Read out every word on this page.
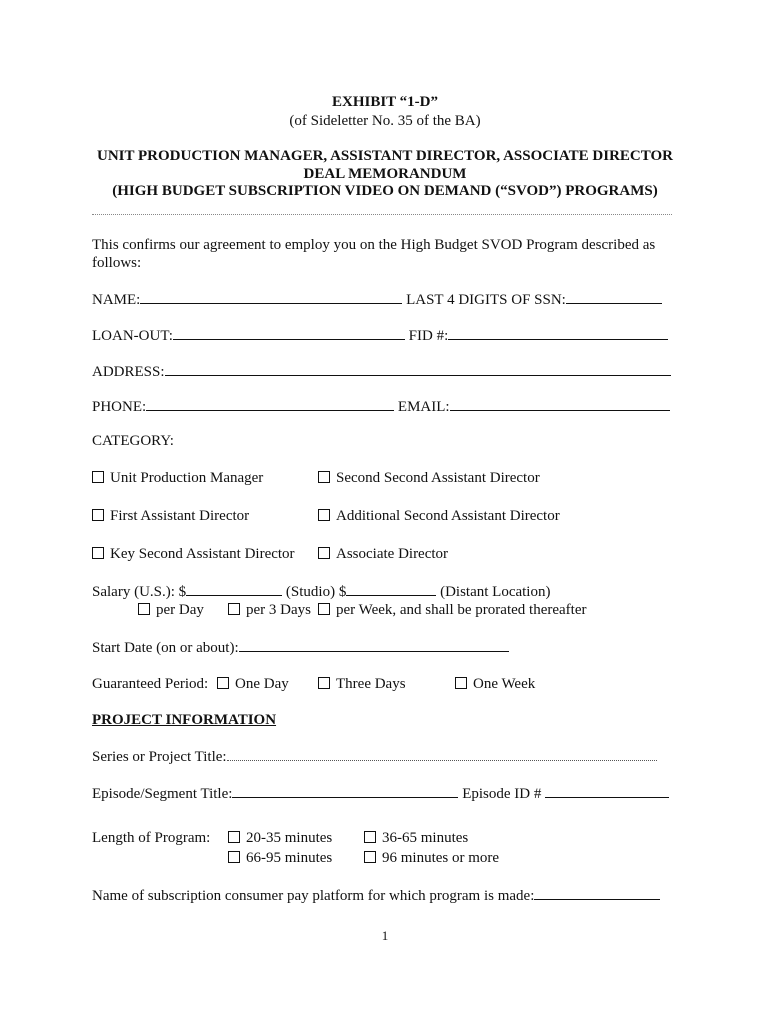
EXHIBIT “1-D”
(of Sideletter No. 35 of the BA)
UNIT PRODUCTION MANAGER, ASSISTANT DIRECTOR, ASSOCIATE DIRECTOR
DEAL MEMORANDUM
(HIGH BUDGET SUBSCRIPTION VIDEO ON DEMAND (“SVOD”) PROGRAMS)
This confirms our agreement to employ you on the High Budget SVOD Program described as
follows:
NAME:	LAST 4 DIGITS OF SSN:
LOAN-OUT:	FID #:
ADDRESS:
PHONE:	EMAIL:
CATEGORY:
Unit Production Manager	Second Second Assistant Director
First Assistant Director	Additional Second Assistant Director
Key Second Assistant Director	Associate Director
Salary (U.S.): $	(Studio) $	(Distant Location)
per Day	per 3 Days	per Week, and shall be prorated thereafter
Start Date (on or about):
Guaranteed Period:	One Day	Three Days	One Week
PROJECT INFORMATION
Series or Project Title:
Episode/Segment Title:	Episode ID #
Length of Program:	20-35 minutes	36-65 minutes
66-95 minutes	96 minutes or more
Name of subscription consumer pay platform for which program is made:
1
